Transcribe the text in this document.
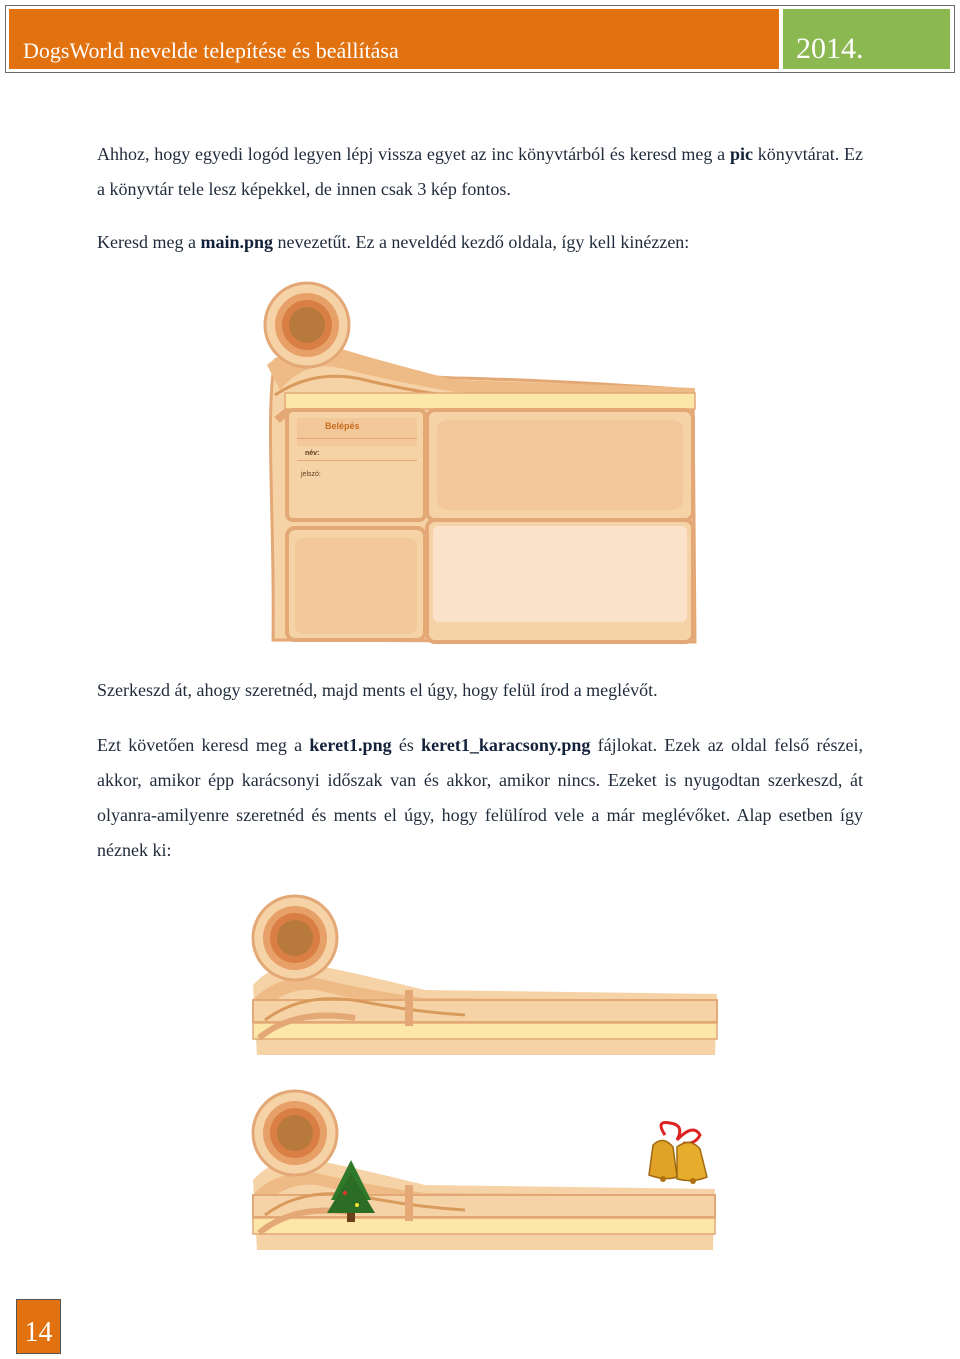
DogsWorld nevelde telepítése és beállítása	2014.

Ahhoz, hogy egyedi logód legyen lépj vissza egyet az inc könyvtárból és keresd meg a pic könyvtárat. Ez a könyvtár tele lesz képekkel, de innen csak 3 kép fontos.

Keresd meg a main.png nevezetűt. Ez a neveldéd kezdő oldala, így kell kinézzen:

Belépés
név:
jelszó:

Szerkeszd át, ahogy szeretnéd, majd ments el úgy, hogy felül írod a meglévőt.

Ezt követően keresd meg a keret1.png és keret1_karacsony.png fájlokat. Ezek az oldal felső részei, akkor, amikor épp karácsonyi időszak van és akkor, amikor nincs. Ezeket is nyugodtan szerkeszd, át olyanra-amilyenre szeretnéd és ments el úgy, hogy felülírod vele a már meglévőket. Alap esetben így néznek ki:

14
